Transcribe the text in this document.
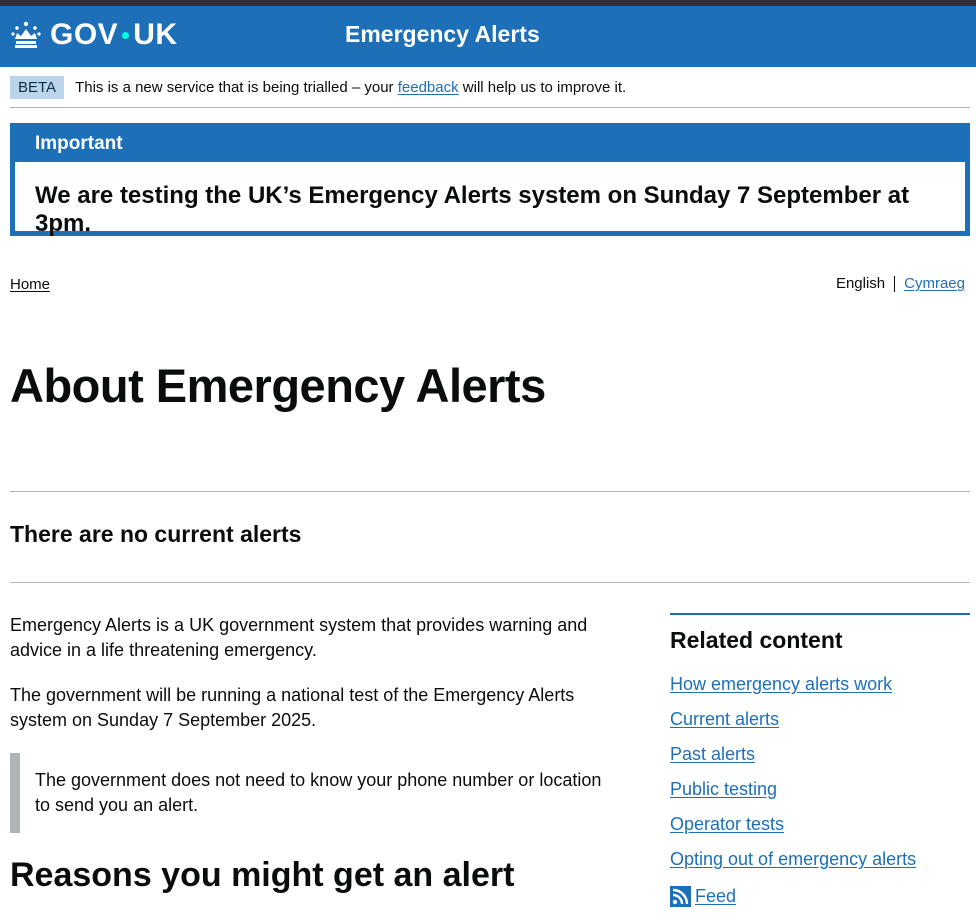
GOV UK	Emergency Alerts
BETA	This is a new service that is being trialled – your feedback will help us to improve it.
Important
We are testing the UK’s Emergency Alerts system on Sunday 7 September at 3pm.
Home	English Cymraeg
About Emergency Alerts
There are no current alerts

Emergency Alerts is a UK government system that provides warning and advice in a life threatening emergency.

The government will be running a national test of the Emergency Alerts system on Sunday 7 September 2025.

The government does not need to know your phone number or location to send you an alert.
Reasons you might get an alert
Related content
How emergency alerts work
Current alerts
Past alerts
Public testing
Operator tests
Opting out of emergency alerts
Feed
